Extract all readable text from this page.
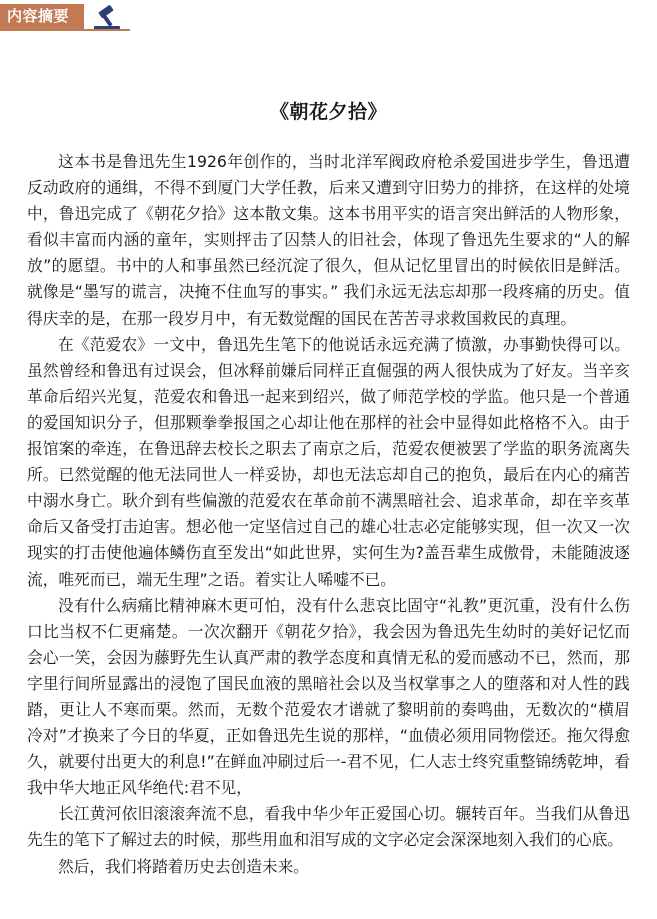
内容摘要
《朝花夕拾》

这本书是鲁迅先生1926年创作的，当时北洋军阀政府枪杀爱国进步学生，鲁迅遭反动政府的通缉，不得不到厦门大学任教，后来又遭到守旧势力的排挤，在这样的处境中，鲁迅完成了《朝花夕拾》这本散文集。这本书用平实的语言突出鲜活的人物形象，看似丰富而内涵的童年，实则抨击了囚禁人的旧社会，体现了鲁迅先生要求的“人的解放”的愿望。书中的人和事虽然已经沉淀了很久，但从记忆里冒出的时候依旧是鲜活。就像是“墨写的谎言，决掩不住血写的事实。” 我们永远无法忘却那一段疼痛的历史。值得庆幸的是，在那一段岁月中，有无数觉醒的国民在苦苦寻求救国救民的真理。

在《范爱农》一文中，鲁迅先生笔下的他说话永远充满了愤激，办事勤快得可以。虽然曾经和鲁迅有过误会，但冰释前嫌后同样正直倔强的两人很快成为了好友。当辛亥革命后绍兴光复，范爱农和鲁迅一起来到绍兴，做了师范学校的学监。他只是一个普通的爱国知识分子，但那颗拳拳报国之心却让他在那样的社会中显得如此格格不入。由于报馆案的牵连，在鲁迅辞去校长之职去了南京之后，范爱农便被罢了学监的职务流离失所。已然觉醒的他无法同世人一样妥协，却也无法忘却自己的抱负，最后在内心的痛苦中溺水身亡。耿介到有些偏激的范爱农在革命前不满黑暗社会、追求革命，却在辛亥革命后又备受打击迫害。想必他一定坚信过自己的雄心壮志必定能够实现，但一次又一次现实的打击使他遍体鳞伤直至发出“如此世界，实何生为?盖吾辈生成傲骨，未能随波逐流，唯死而已，端无生理”之语。着实让人唏嘘不已。

没有什么病痛比精神麻木更可怕，没有什么悲哀比固守“礼教”更沉重，没有什么伤口比当权不仁更痛楚。一次次翻开《朝花夕拾》，我会因为鲁迅先生幼时的美好记忆而会心一笑，会因为藤野先生认真严肃的教学态度和真情无私的爱而感动不已，然而，那字里行间所显露出的浸饱了国民血液的黑暗社会以及当权掌事之人的堕落和对人性的践踏，更让人不寒而栗。然而，无数个范爱农才谱就了黎明前的奏鸣曲，无数次的“横眉冷对”才换来了今日的华夏，正如鲁迅先生说的那样，“血债必须用同物偿还。拖欠得愈久，就要付出更大的利息!”在鲜血冲刷过后一-君不见，仁人志士终究重整锦绣乾坤，看我中华大地正风华绝代:君不见，

长江黄河依旧滚滚奔流不息，看我中华少年正爱国心切。辗转百年。当我们从鲁迅先生的笔下了解过去的时候，那些用血和泪写成的文字必定会深深地刻入我们的心底。

然后，我们将踏着历史去创造未来。
